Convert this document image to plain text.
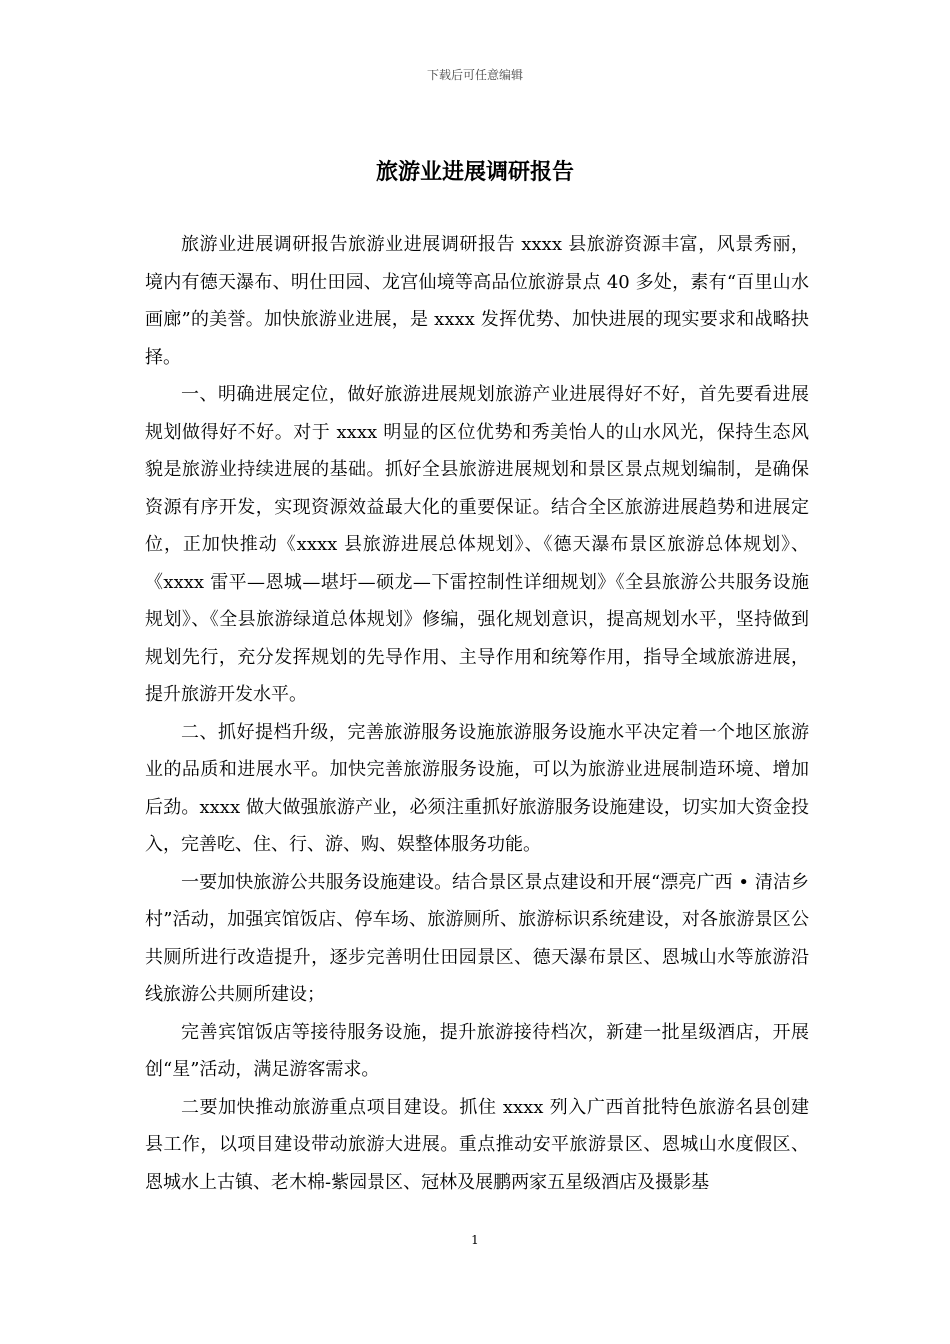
下载后可任意编辑
旅游业进展调研报告

旅游业进展调研报告旅游业进展调研报告 xxxx 县旅游资源丰富，风景秀丽，境内有德天瀑布、明仕田园、龙宫仙境等高品位旅游景点 40 多处，素有“百里山水画廊”的美誉。加快旅游业进展，是 xxxx 发挥优势、加快进展的现实要求和战略抉择。

一、明确进展定位，做好旅游进展规划旅游产业进展得好不好，首先要看进展规划做得好不好。对于 xxxx 明显的区位优势和秀美怡人的山水风光，保持生态风貌是旅游业持续进展的基础。抓好全县旅游进展规划和景区景点规划编制，是确保资源有序开发，实现资源效益最大化的重要保证。结合全区旅游进展趋势和进展定位，正加快推动《xxxx 县旅游进展总体规划》、《德天瀑布景区旅游总体规划》、《xxxx 雷平—恩城—堪圩—硕龙—下雷控制性详细规划》《全县旅游公共服务设施规划》、《全县旅游绿道总体规划》修编，强化规划意识，提高规划水平，坚持做到规划先行，充分发挥规划的先导作用、主导作用和统筹作用，指导全域旅游进展，提升旅游开发水平。

二、抓好提档升级，完善旅游服务设施旅游服务设施水平决定着一个地区旅游业的品质和进展水平。加快完善旅游服务设施，可以为旅游业进展制造环境、增加后劲。xxxx 做大做强旅游产业，必须注重抓好旅游服务设施建设，切实加大资金投入，完善吃、住、行、游、购、娱整体服务功能。

一要加快旅游公共服务设施建设。结合景区景点建设和开展“漂亮广西 • 清洁乡村”活动，加强宾馆饭店、停车场、旅游厕所、旅游标识系统建设，对各旅游景区公共厕所进行改造提升，逐步完善明仕田园景区、德天瀑布景区、恩城山水等旅游沿线旅游公共厕所建设；

完善宾馆饭店等接待服务设施，提升旅游接待档次，新建一批星级酒店，开展创“星”活动，满足游客需求。

二要加快推动旅游重点项目建设。抓住 xxxx 列入广西首批特色旅游名县创建县工作，以项目建设带动旅游大进展。重点推动安平旅游景区、恩城山水度假区、恩城水上古镇、老木棉-紫园景区、冠林及展鹏两家五星级酒店及摄影基

1
